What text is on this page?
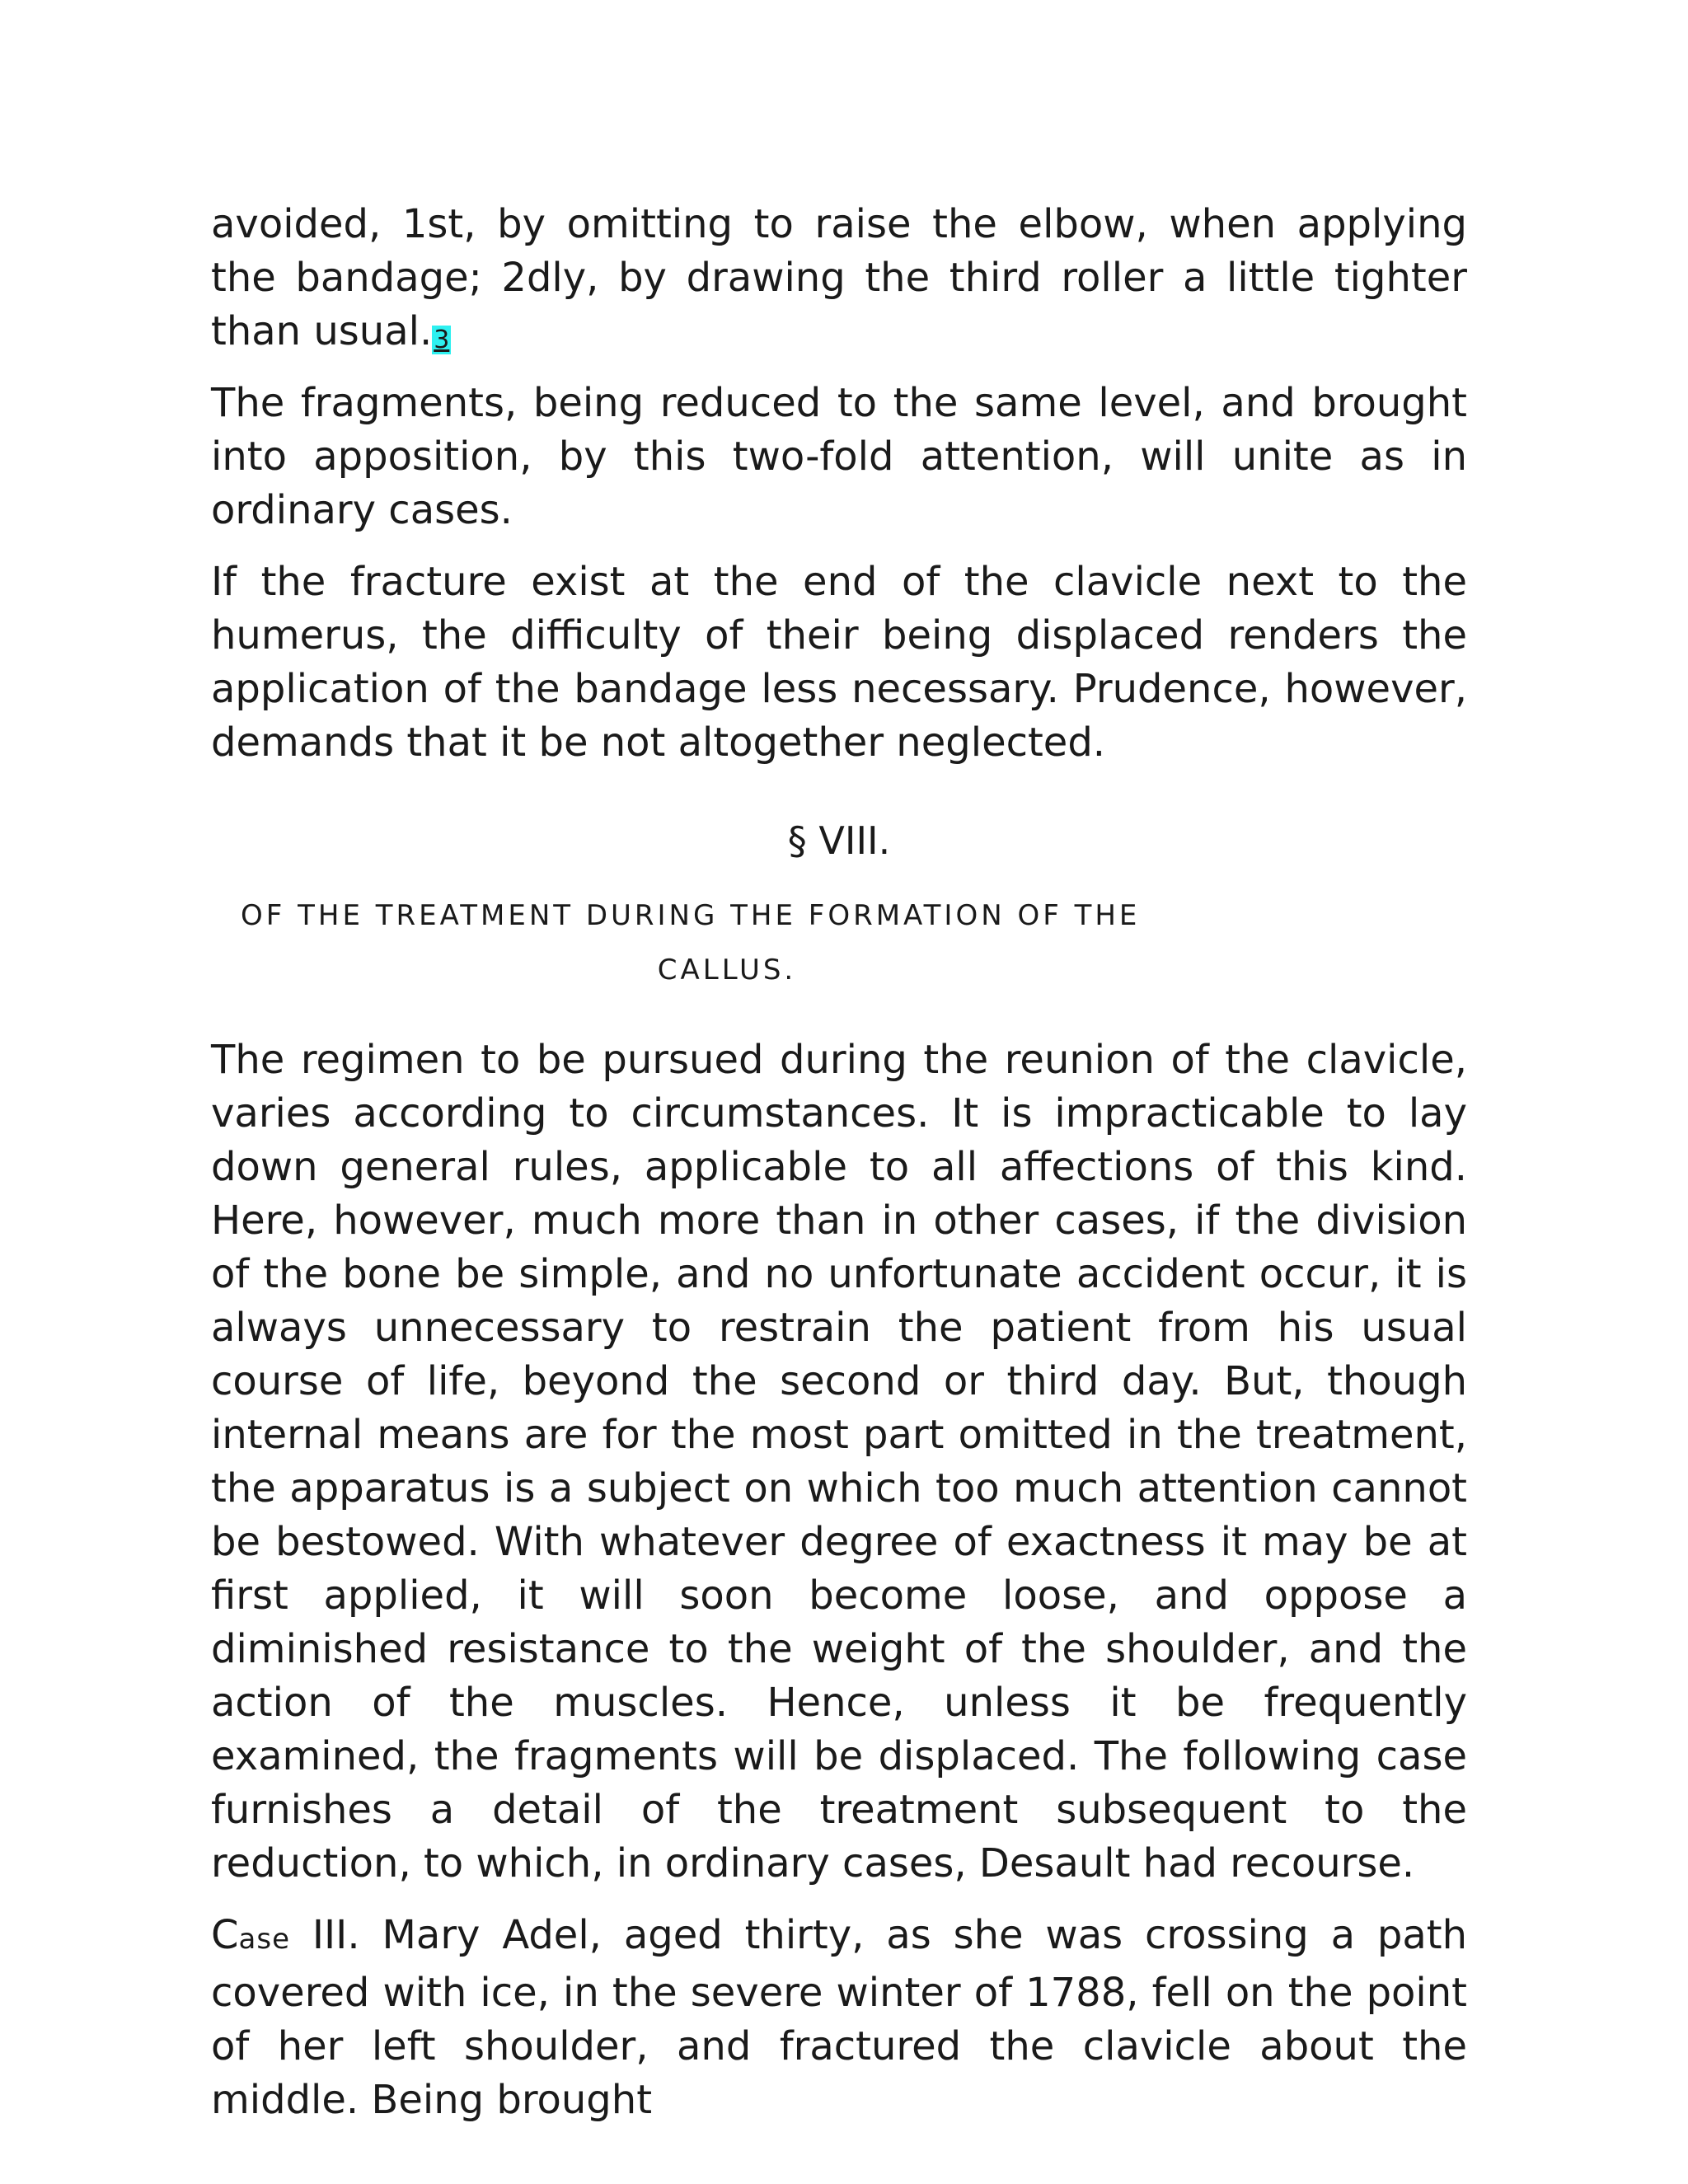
avoided, 1st, by omitting to raise the elbow, when applying the bandage; 2dly, by drawing the third roller a little tighter than usual.3

The fragments, being reduced to the same level, and brought into apposition, by this two-fold attention, will unite as in ordinary cases.

If the fracture exist at the end of the clavicle next to the humerus, the difficulty of their being displaced renders the application of the bandage less necessary. Prudence, however, demands that it be not altogether neglected.

§ VIII.
OF THE TREATMENT DURING THE FORMATION OF THE
CALLUS.

The regimen to be pursued during the reunion of the clavicle, varies according to circumstances. It is impracticable to lay down general rules, applicable to all affections of this kind. Here, however, much more than in other cases, if the division of the bone be simple, and no unfortunate accident occur, it is always unnecessary to restrain the patient from his usual course of life, beyond the second or third day. But, though internal means are for the most part omitted in the treatment, the apparatus is a subject on which too much attention cannot be bestowed. With whatever degree of exactness it may be at first applied, it will soon become loose, and oppose a diminished resistance to the weight of the shoulder, and the action of the muscles. Hence, unless it be frequently examined, the fragments will be displaced. The following case furnishes a detail of the treatment subsequent to the reduction, to which, in ordinary cases, Desault had recourse.

Case III. Mary Adel, aged thirty, as she was crossing a path covered with ice, in the severe winter of 1788, fell on the point of her left shoulder, and fractured the clavicle about the middle. Being brought
